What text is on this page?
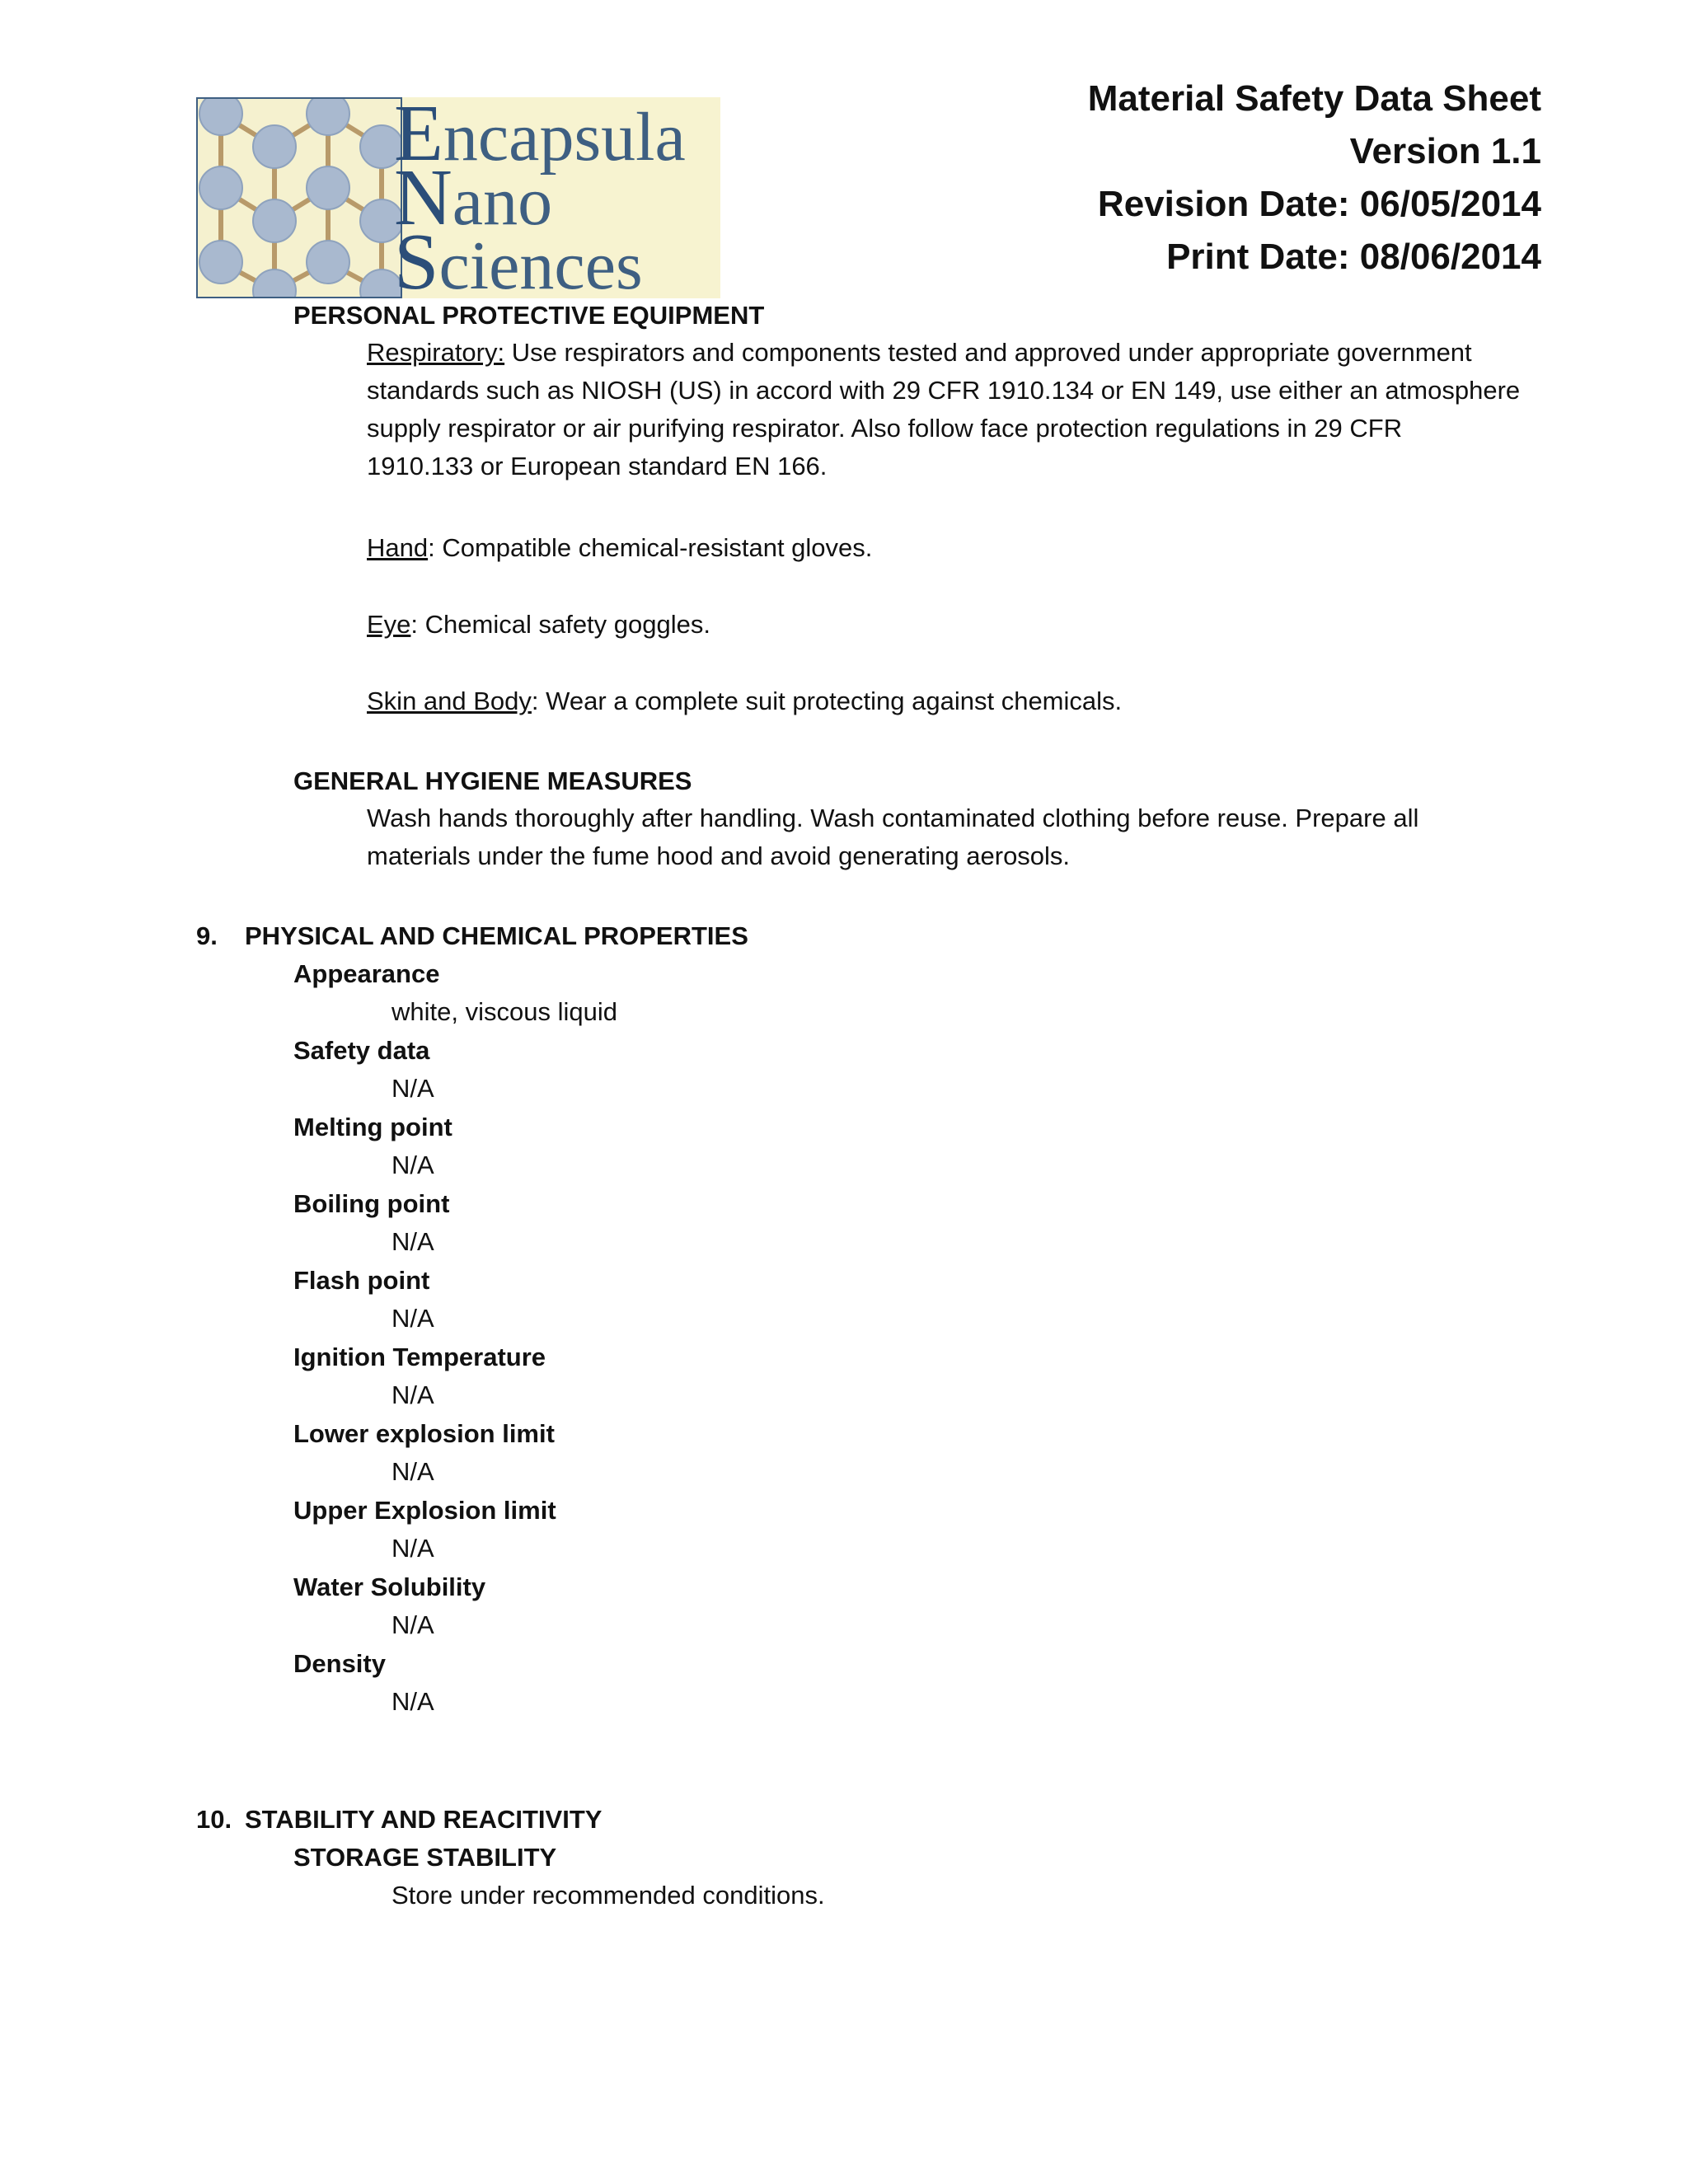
Encapsula
Nano
Sciences
Material Safety Data Sheet
Version 1.1
Revision Date: 06/05/2014
Print Date: 08/06/2014
PERSONAL PROTECTIVE EQUIPMENT
Respiratory: Use respirators and components tested and approved under appropriate government
standards such as NIOSH (US) in accord with 29 CFR 1910.134 or EN 149, use either an atmosphere
supply respirator or air purifying respirator. Also follow face protection regulations in 29 CFR
1910.133 or European standard EN 166.
Hand: Compatible chemical-resistant gloves.
Eye: Chemical safety goggles.
Skin and Body: Wear a complete suit protecting against chemicals.
GENERAL HYGIENE MEASURES
Wash hands thoroughly after handling. Wash contaminated clothing before reuse. Prepare all
materials under the fume hood and avoid generating aerosols.
9. PHYSICAL AND CHEMICAL PROPERTIES
Appearance
white, viscous liquid
Safety data
N/A
Melting point
N/A
Boiling point
N/A
Flash point
N/A
Ignition Temperature
N/A
Lower explosion limit
N/A
Upper Explosion limit
N/A
Water Solubility
N/A
Density
N/A
10. STABILITY AND REACITIVITY
STORAGE STABILITY
Store under recommended conditions.
